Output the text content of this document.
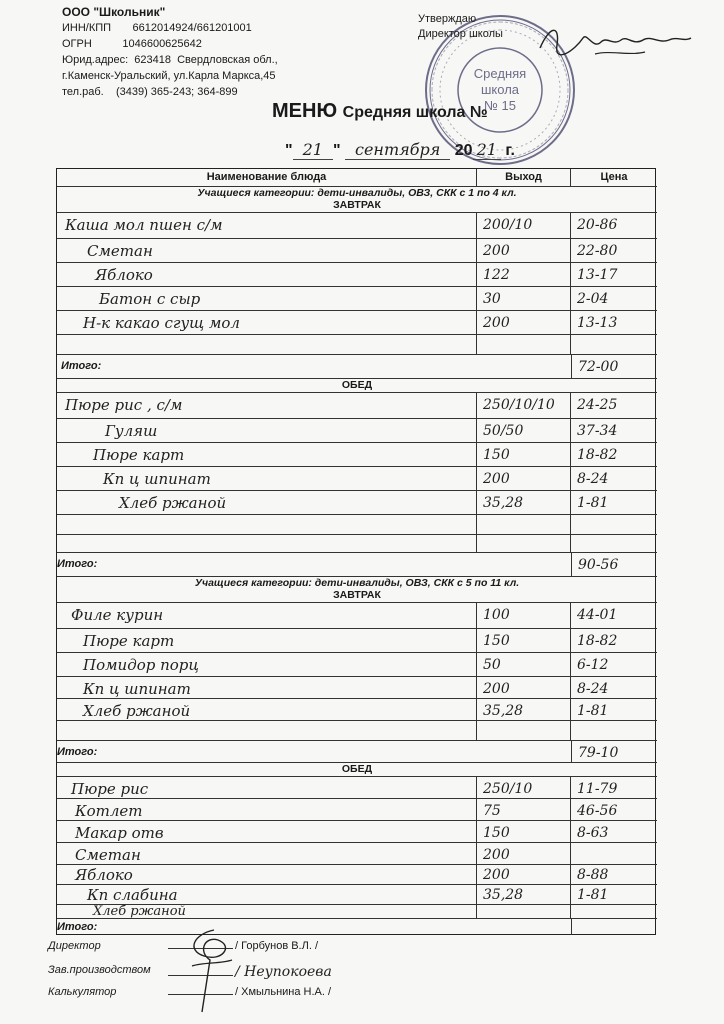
ООО "Школьник"
ИНН/КПП 6612014924/661201001
ОГРН	1046600625642
Юрид.адрес:  623418  Свердловская обл.,
г.Каменск-Уральский, ул.Карла Маркса,45
тел.раб.    (3439) 365-243; 364-899
Средняя
школа
№ 15
Утверждаю
Директор школы
МЕНЮ Средняя школа №
" 21 " сентября 20 21 г.
Наименование блюда	Выход	Цена
Учащиеся категории: дети-инвалиды, ОВЗ, СКК с 1 по 4 кл.
ЗАВТРАК
Каша мол пшен с/м	200/10	20-86
Сметан	200	22-80
Яблоко	122	13-17
Батон с сыр	30	2-04
Н-к какао сгущ мол	200	13-13
Итого:	72-00
ОБЕД
Пюре рис , с/м	250/10/10	24-25
Гуляш	50/50	37-34
Пюре карт	150	18-82
Кп ц шпинат	200	8-24
Хлеб ржаной	35,28	1-81
Итого:	90-56
Учащиеся категории: дети-инвалиды, ОВЗ, СКК с 5 по 11 кл.
ЗАВТРАК
Филе курин	100	44-01
Пюре карт	150	18-82
Помидор порц	50	6-12
Кп ц шпинат	200	8-24
Хлеб ржаной	35,28	1-81
Итого:	79-10
ОБЕД
Пюре рис	250/10	11-79
Котлет	75	46-56
Макар отв	150	8-63
Сметан	200
Яблоко	200	8-88
Кп слабина	35,28	1-81
Хлеб ржаной
Итого:
Директор	/ Горбунов В.Л. /
Зав.производством	/ Неупокоева
Калькулятор	/ Хмыльнина Н.А. /
